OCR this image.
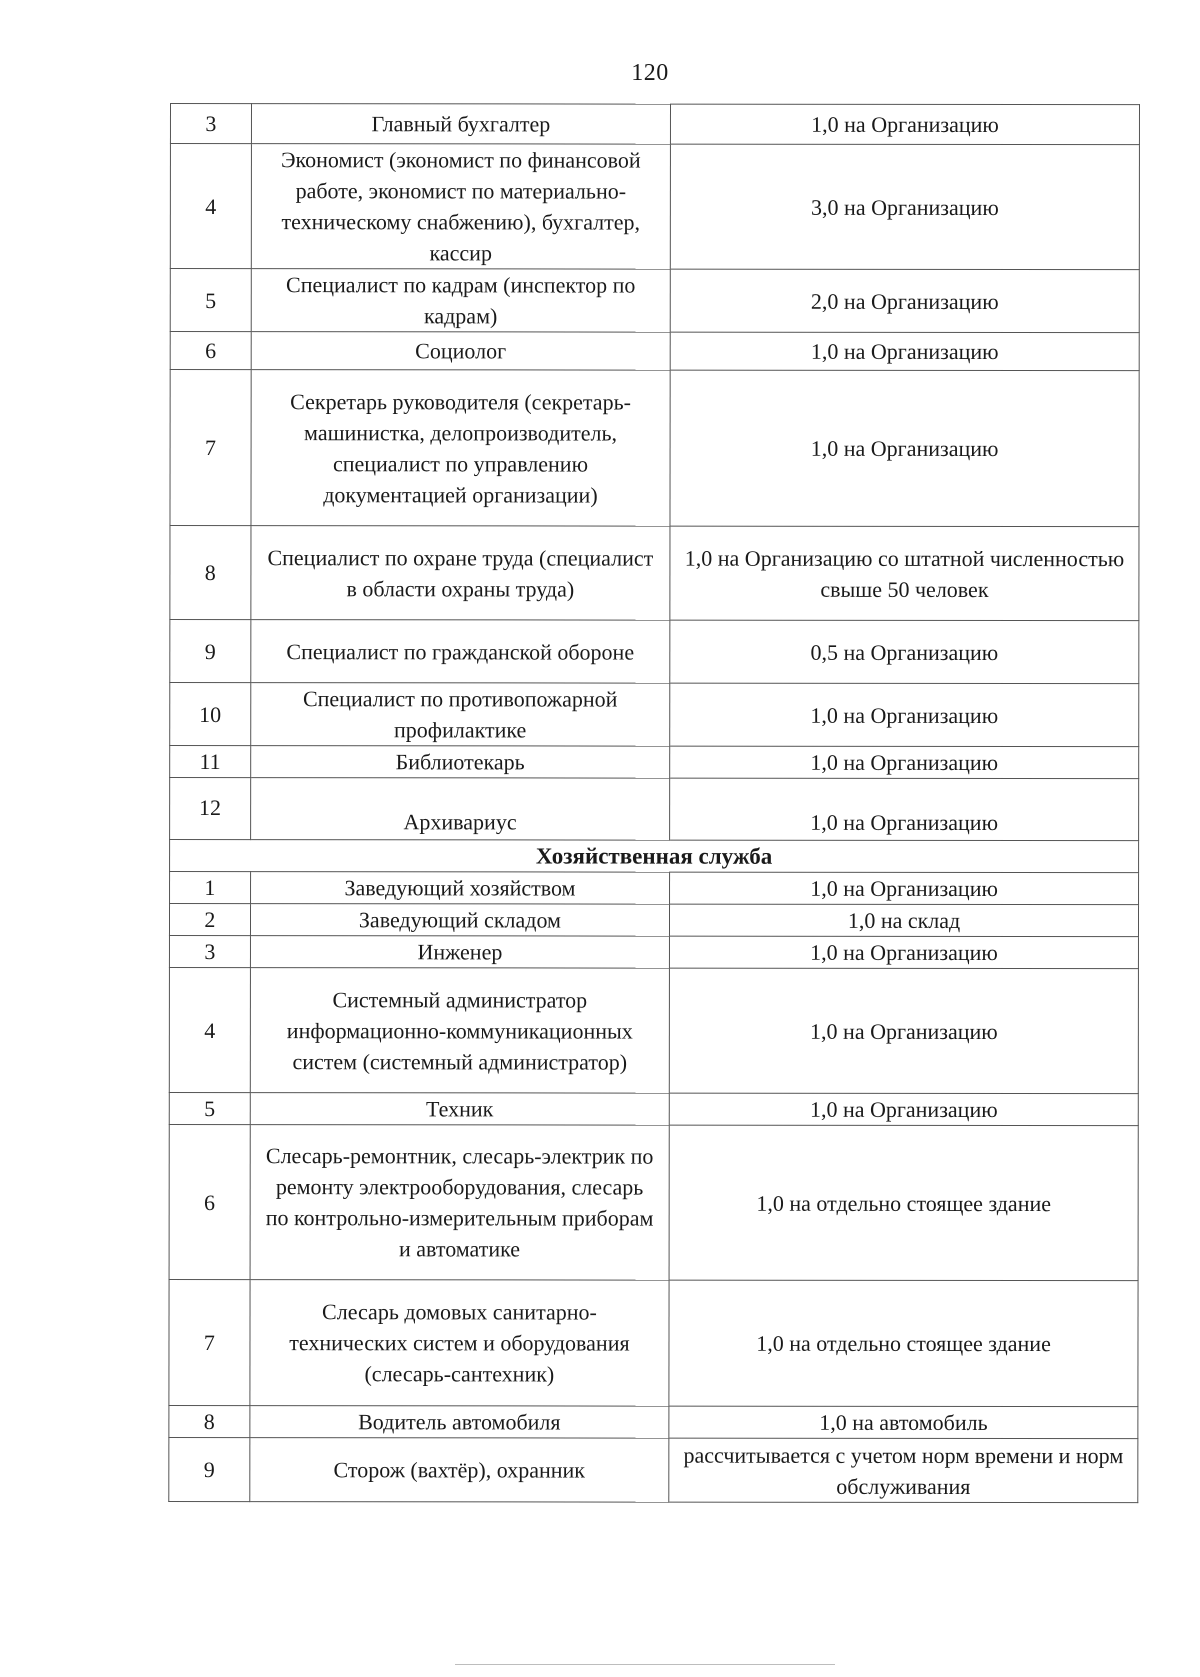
120
3	Главный бухгалтер	1,0 на Организацию
4	Экономист (экономист по финансовой работе, экономист по материально-техническому снабжению), бухгалтер, кассир	3,0 на Организацию
5	Специалист по кадрам (инспектор по кадрам)	2,0 на Организацию
6	Социолог	1,0 на Организацию
7	Секретарь руководителя (секретарь-машинистка, делопроизводитель, специалист по управлению документацией организации)	1,0 на Организацию
8	Специалист по охране труда (специалист в области охраны труда)	1,0 на Организацию со штатной численностью свыше 50 человек
9	Специалист по гражданской обороне	0,5 на Организацию
10	Специалист по противопожарной профилактике	1,0 на Организацию
11	Библиотекарь	1,0 на Организацию
12	Архивариус	1,0 на Организацию
Хозяйственная служба		
1	Заведующий хозяйством	1,0 на Организацию
2	Заведующий складом	1,0 на склад
3	Инженер	1,0 на Организацию
4	Системный администратор информационно-коммуникационных систем (системный администратор)	1,0 на Организацию
5	Техник	1,0 на Организацию
6	Слесарь-ремонтник, слесарь-электрик по ремонту электрооборудования, слесарь по контрольно-измерительным приборам и автоматике	1,0 на отдельно стоящее здание
7	Слесарь домовых санитарно-технических систем и оборудования (слесарь-сантехник)	1,0 на отдельно стоящее здание
8	Водитель автомобиля	1,0 на автомобиль
9	Сторож (вахтёр), охранник	рассчитывается с учетом норм времени и норм обслуживания
